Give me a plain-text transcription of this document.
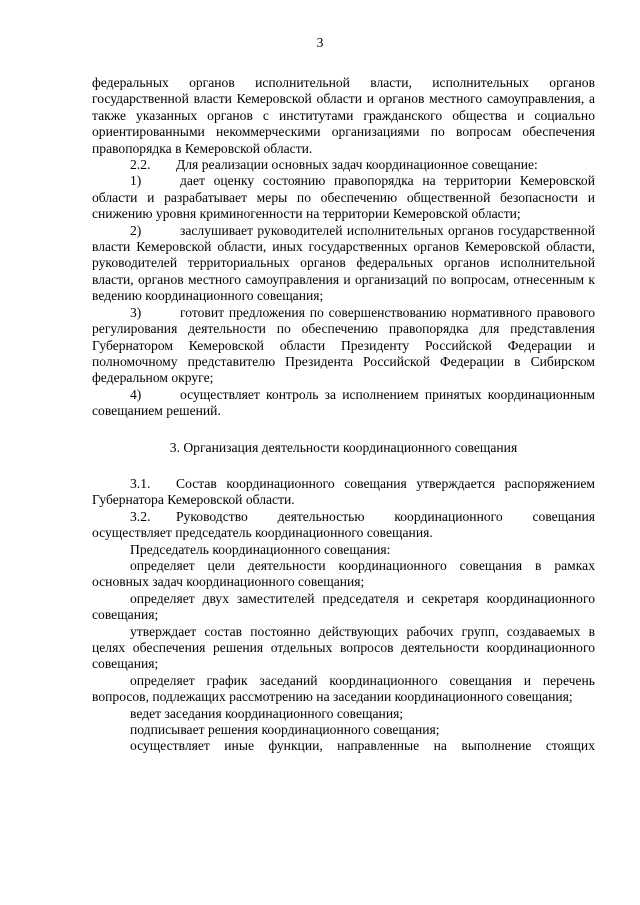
3

федеральных органов исполнительной власти, исполнительных органов государственной власти Кемеровской области и органов местного самоуправления, а также указанных органов с институтами гражданского общества и социально ориентированными некоммерческими организациями по вопросам обеспечения правопорядка в Кемеровской области.

2.2. Для реализации основных задач координационное совещание:

1)	дает оценку состоянию правопорядка на территории Кемеровской области и разрабатывает меры по обеспечению общественной безопасности и снижению уровня криминогенности на территории Кемеровской области;

2)	заслушивает руководителей исполнительных органов государственной власти Кемеровской области, иных государственных органов Кемеровской области, руководителей территориальных органов федеральных органов исполнительной власти, органов местного самоуправления и организаций по вопросам, отнесенным к ведению координационного совещания;

3)	готовит предложения по совершенствованию нормативного правового регулирования деятельности по обеспечению правопорядка для представления Губернатором Кемеровской области Президенту Российской Федерации и полномочному представителю Президента Российской Федерации в Сибирском федеральном округе;

4)	осуществляет контроль за исполнением принятых координационным совещанием решений.

3. Организация деятельности координационного совещания

3.1. Состав координационного совещания утверждается распоряжением Губернатора Кемеровской области.

3.2. Руководство деятельностью координационного совещания осуществляет председатель координационного совещания.

Председатель координационного совещания:

определяет цели деятельности координационного совещания в рамках основных задач координационного совещания;

определяет двух заместителей председателя и секретаря координационного совещания;

утверждает состав постоянно действующих рабочих групп, создаваемых в целях обеспечения решения отдельных вопросов деятельности координационного совещания;

определяет график заседаний координационного совещания и перечень вопросов, подлежащих рассмотрению на заседании координационного совещания;

ведет заседания координационного совещания;

подписывает решения координационного совещания;

осуществляет иные функции, направленные на выполнение стоящих
